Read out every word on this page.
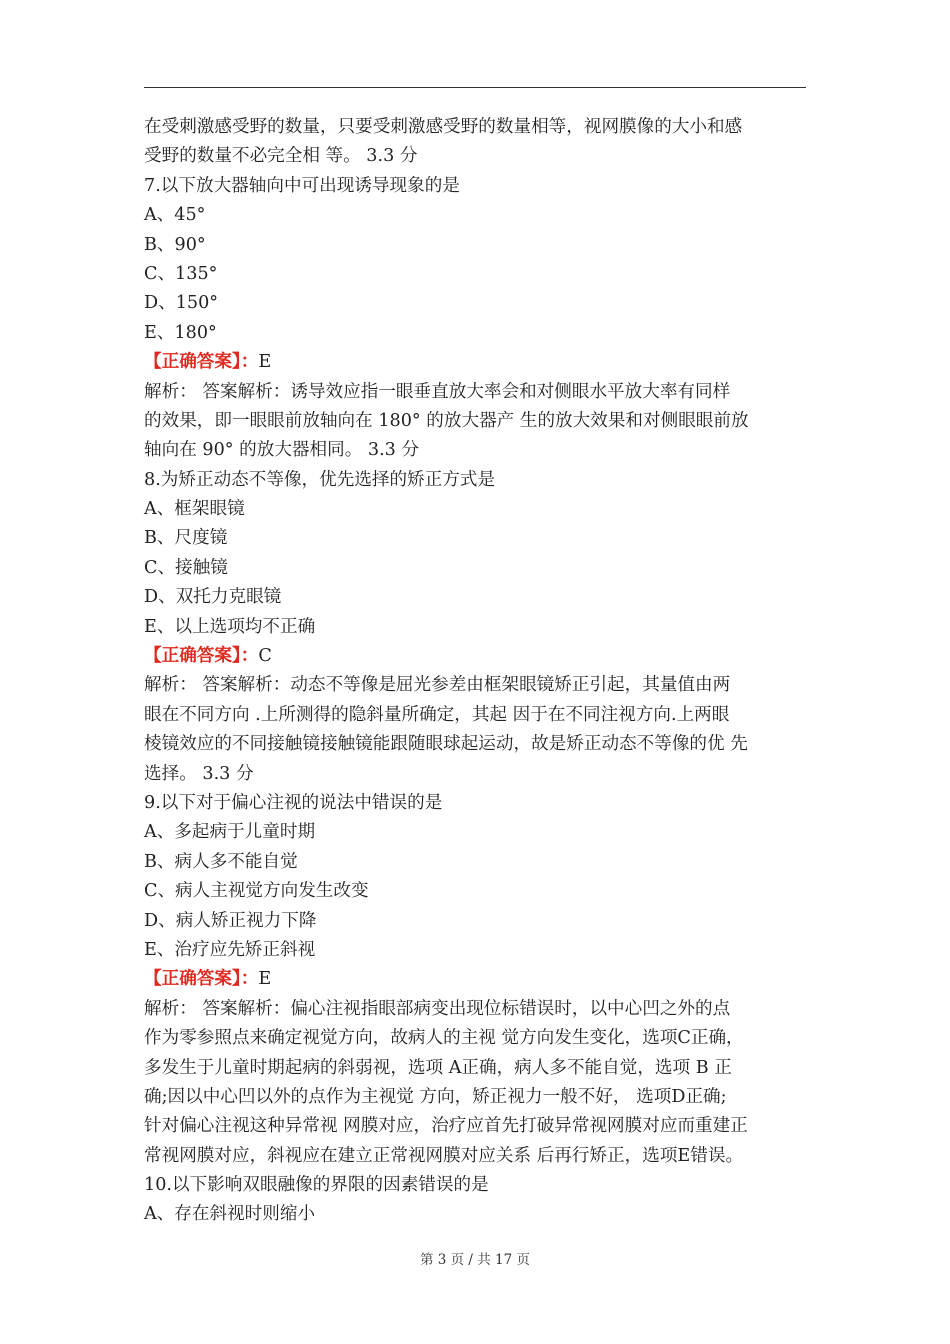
在受刺激感受野的数量，只要受刺激感受野的数量相等，视网膜像的大小和感
受野的数量不必完全相 等。 3.3 分
7.以下放大器轴向中可出现诱导现象的是
A、45°
B、90°
C、135°
D、150°
E、180°
【正确答案】：E
解析： 答案解析：诱导效应指一眼垂直放大率会和对侧眼水平放大率有同样
的效果，即一眼眼前放轴向在 180° 的放大器产 生的放大效果和对侧眼眼前放
轴向在 90° 的放大器相同。 3.3 分
8.为矫正动态不等像，优先选择的矫正方式是
A、框架眼镜
B、尺度镜
C、接触镜
D、双托力克眼镜
E、以上选项均不正确
【正确答案】：C
解析： 答案解析：动态不等像是屈光参差由框架眼镜矫正引起，其量值由两
眼在不同方向 .上所测得的隐斜量所确定，其起 因于在不同注视方向.上两眼
棱镜效应的不同接触镜接触镜能跟随眼球起运动，故是矫正动态不等像的优 先
选择。 3.3 分
9.以下对于偏心注视的说法中错误的是
A、多起病于儿童时期
B、病人多不能自觉
C、病人主视觉方向发生改变
D、病人矫正视力下降
E、治疗应先矫正斜视
【正确答案】：E
解析： 答案解析：偏心注视指眼部病变出现位标错误时，以中心凹之外的点
作为零参照点来确定视觉方向，故病人的主视 觉方向发生变化，选项C正确，
多发生于儿童时期起病的斜弱视，选项 A正确，病人多不能自觉，选项 B 正
确;因以中心凹以外的点作为主视觉 方向，矫正视力一般不好， 选项D正确;
针对偏心注视这种异常视 网膜对应，治疗应首先打破异常视网膜对应而重建正
常视网膜对应，斜视应在建立正常视网膜对应关系 后再行矫正，选项E错误。
10.以下影响双眼融像的界限的因素错误的是
A、存在斜视时则缩小
第 3 页 / 共 17 页
